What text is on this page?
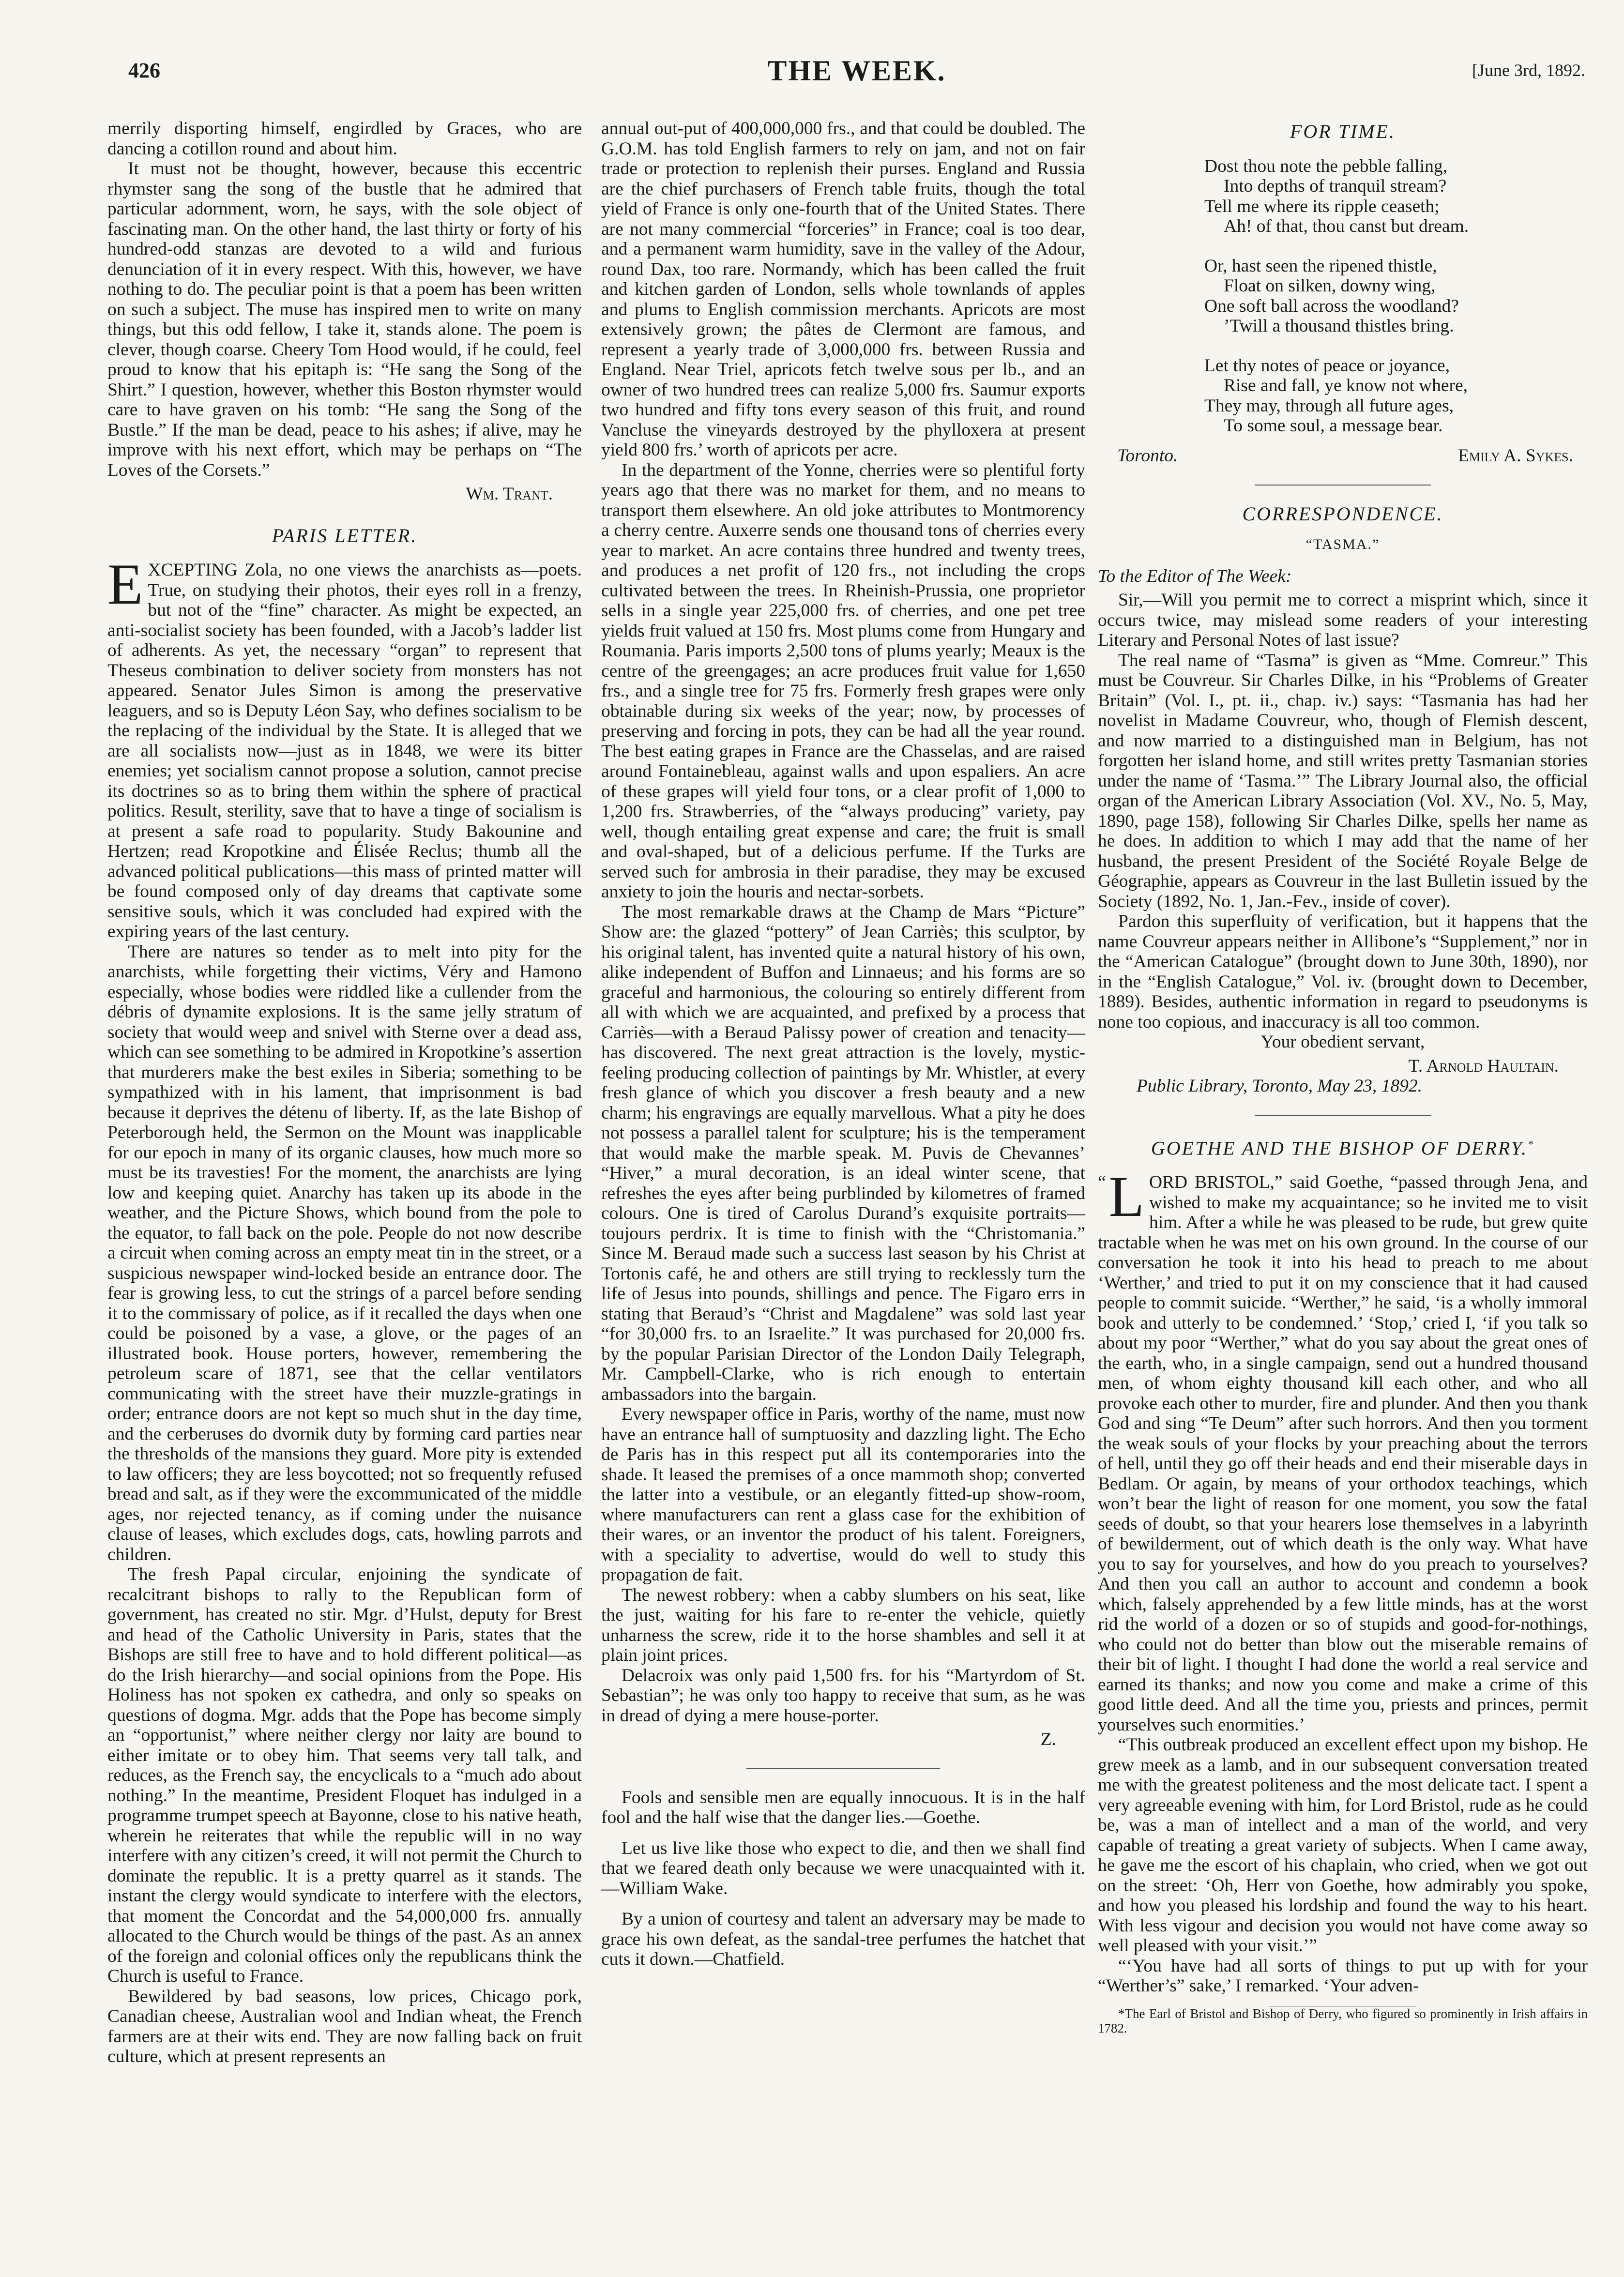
426	THE WEEK.	[June 3rd, 1892.

merrily disporting himself, engirdled by Graces, who are dancing a cotillon round and about him.

It must not be thought, however, because this eccentric rhymster sang the song of the bustle that he admired that particular adornment, worn, he says, with the sole object of fascinating man. On the other hand, the last thirty or forty of his hundred-odd stanzas are devoted to a wild and furious denunciation of it in every respect. With this, however, we have nothing to do. The peculiar point is that a poem has been written on such a subject. The muse has inspired men to write on many things, but this odd fellow, I take it, stands alone. The poem is clever, though coarse. Cheery Tom Hood would, if he could, feel proud to know that his epitaph is: “He sang the Song of the Shirt.” I question, however, whether this Boston rhymster would care to have graven on his tomb: “He sang the Song of the Bustle.” If the man be dead, peace to his ashes; if alive, may he improve with his next effort, which may be perhaps on “The Loves of the Corsets.”

Wm. Trant.
PARIS LETTER.

EXCEPTING Zola, no one views the anarchists as—poets. True, on studying their photos, their eyes roll in a frenzy, but not of the “fine” character. As might be expected, an anti-socialist society has been founded, with a Jacob’s ladder list of adherents. As yet, the necessary “organ” to represent that Theseus combination to deliver society from monsters has not appeared. Senator Jules Simon is among the preservative leaguers, and so is Deputy Léon Say, who defines socialism to be the replacing of the individual by the State. It is alleged that we are all socialists now—just as in 1848, we were its bitter enemies; yet socialism cannot propose a solution, cannot precise its doctrines so as to bring them within the sphere of practical politics. Result, sterility, save that to have a tinge of socialism is at present a safe road to popularity. Study Bakounine and Hertzen; read Kropotkine and Élisée Reclus; thumb all the advanced political publications—this mass of printed matter will be found composed only of day dreams that captivate some sensitive souls, which it was concluded had expired with the expiring years of the last century.

There are natures so tender as to melt into pity for the anarchists, while forgetting their victims, Véry and Hamono especially, whose bodies were riddled like a cullender from the débris of dynamite explosions. It is the same jelly stratum of society that would weep and snivel with Sterne over a dead ass, which can see something to be admired in Kropotkine’s assertion that murderers make the best exiles in Siberia; something to be sympathized with in his lament, that imprisonment is bad because it deprives the détenu of liberty. If, as the late Bishop of Peterborough held, the Sermon on the Mount was inapplicable for our epoch in many of its organic clauses, how much more so must be its travesties! For the moment, the anarchists are lying low and keeping quiet. Anarchy has taken up its abode in the weather, and the Picture Shows, which bound from the pole to the equator, to fall back on the pole. People do not now describe a circuit when coming across an empty meat tin in the street, or a suspicious newspaper wind-locked beside an entrance door. The fear is growing less, to cut the strings of a parcel before sending it to the commissary of police, as if it recalled the days when one could be poisoned by a vase, a glove, or the pages of an illustrated book. House porters, however, remembering the petroleum scare of 1871, see that the cellar ventilators communicating with the street have their muzzle-gratings in order; entrance doors are not kept so much shut in the day time, and the cerberuses do dvornik duty by forming card parties near the thresholds of the mansions they guard. More pity is extended to law officers; they are less boycotted; not so frequently refused bread and salt, as if they were the excommunicated of the middle ages, nor rejected tenancy, as if coming under the nuisance clause of leases, which excludes dogs, cats, howling parrots and children.

The fresh Papal circular, enjoining the syndicate of recalcitrant bishops to rally to the Republican form of government, has created no stir. Mgr. d’Hulst, deputy for Brest and head of the Catholic University in Paris, states that the Bishops are still free to have and to hold different political—as do the Irish hierarchy—and social opinions from the Pope. His Holiness has not spoken ex cathedra, and only so speaks on questions of dogma. Mgr. adds that the Pope has become simply an “opportunist,” where neither clergy nor laity are bound to either imitate or to obey him. That seems very tall talk, and reduces, as the French say, the encyclicals to a “much ado about nothing.” In the meantime, President Floquet has indulged in a programme trumpet speech at Bayonne, close to his native heath, wherein he reiterates that while the republic will in no way interfere with any citizen’s creed, it will not permit the Church to dominate the republic. It is a pretty quarrel as it stands. The instant the clergy would syndicate to interfere with the electors, that moment the Concordat and the 54,000,000 frs. annually allocated to the Church would be things of the past. As an annex of the foreign and colonial offices only the republicans think the Church is useful to France.

Bewildered by bad seasons, low prices, Chicago pork, Canadian cheese, Australian wool and Indian wheat, the French farmers are at their wits end. They are now falling back on fruit culture, which at present represents an

annual out-put of 400,000,000 frs., and that could be doubled. The G.O.M. has told English farmers to rely on jam, and not on fair trade or protection to replenish their purses. England and Russia are the chief purchasers of French table fruits, though the total yield of France is only one-fourth that of the United States. There are not many commercial “forceries” in France; coal is too dear, and a permanent warm humidity, save in the valley of the Adour, round Dax, too rare. Normandy, which has been called the fruit and kitchen garden of London, sells whole townlands of apples and plums to English commission merchants. Apricots are most extensively grown; the pâtes de Clermont are famous, and represent a yearly trade of 3,000,000 frs. between Russia and England. Near Triel, apricots fetch twelve sous per lb., and an owner of two hundred trees can realize 5,000 frs. Saumur exports two hundred and fifty tons every season of this fruit, and round Vancluse the vineyards destroyed by the phylloxera at present yield 800 frs.’ worth of apricots per acre.

In the department of the Yonne, cherries were so plentiful forty years ago that there was no market for them, and no means to transport them elsewhere. An old joke attributes to Montmorency a cherry centre. Auxerre sends one thousand tons of cherries every year to market. An acre contains three hundred and twenty trees, and produces a net profit of 120 frs., not including the crops cultivated between the trees. In Rheinish-Prussia, one proprietor sells in a single year 225,000 frs. of cherries, and one pet tree yields fruit valued at 150 frs. Most plums come from Hungary and Roumania. Paris imports 2,500 tons of plums yearly; Meaux is the centre of the greengages; an acre produces fruit value for 1,650 frs., and a single tree for 75 frs. Formerly fresh grapes were only obtainable during six weeks of the year; now, by processes of preserving and forcing in pots, they can be had all the year round. The best eating grapes in France are the Chasselas, and are raised around Fontainebleau, against walls and upon espaliers. An acre of these grapes will yield four tons, or a clear profit of 1,000 to 1,200 frs. Strawberries, of the “always producing” variety, pay well, though entailing great expense and care; the fruit is small and oval-shaped, but of a delicious perfume. If the Turks are served such for ambrosia in their paradise, they may be excused anxiety to join the houris and nectar-sorbets.

The most remarkable draws at the Champ de Mars “Picture” Show are: the glazed “pottery” of Jean Carriès; this sculptor, by his original talent, has invented quite a natural history of his own, alike independent of Buffon and Linnaeus; and his forms are so graceful and harmonious, the colouring so entirely different from all with which we are acquainted, and prefixed by a process that Carriès—with a Beraud Palissy power of creation and tenacity—has discovered. The next great attraction is the lovely, mystic-feeling producing collection of paintings by Mr. Whistler, at every fresh glance of which you discover a fresh beauty and a new charm; his engravings are equally marvellous. What a pity he does not possess a parallel talent for sculpture; his is the temperament that would make the marble speak. M. Puvis de Chevannes’ “Hiver,” a mural decoration, is an ideal winter scene, that refreshes the eyes after being purblinded by kilometres of framed colours. One is tired of Carolus Durand’s exquisite portraits—toujours perdrix. It is time to finish with the “Christomania.” Since M. Beraud made such a success last season by his Christ at Tortonis café, he and others are still trying to recklessly turn the life of Jesus into pounds, shillings and pence. The Figaro errs in stating that Beraud’s “Christ and Magdalene” was sold last year “for 30,000 frs. to an Israelite.” It was purchased for 20,000 frs. by the popular Parisian Director of the London Daily Telegraph, Mr. Campbell-Clarke, who is rich enough to entertain ambassadors into the bargain.

Every newspaper office in Paris, worthy of the name, must now have an entrance hall of sumptuosity and dazzling light. The Echo de Paris has in this respect put all its contemporaries into the shade. It leased the premises of a once mammoth shop; converted the latter into a vestibule, or an elegantly fitted-up show-room, where manufacturers can rent a glass case for the exhibition of their wares, or an inventor the product of his talent. Foreigners, with a speciality to advertise, would do well to study this propagation de fait.

The newest robbery: when a cabby slumbers on his seat, like the just, waiting for his fare to re-enter the vehicle, quietly unharness the screw, ride it to the horse shambles and sell it at plain joint prices.

Delacroix was only paid 1,500 frs. for his “Martyrdom of St. Sebastian”; he was only too happy to receive that sum, as he was in dread of dying a mere house-porter.

Z.

Fools and sensible men are equally innocuous. It is in the half fool and the half wise that the danger lies.—Goethe.

Let us live like those who expect to die, and then we shall find that we feared death only because we were unacquainted with it.—William Wake.

By a union of courtesy and talent an adversary may be made to grace his own defeat, as the sandal-tree perfumes the hatchet that cuts it down.—Chatfield.

FOR TIME.
Dost thou note the pebble falling,
Into depths of tranquil stream?
Tell me where its ripple ceaseth;
Ah! of that, thou canst but dream.
Or, hast seen the ripened thistle,
Float on silken, downy wing,
One soft ball across the woodland?
’Twill a thousand thistles bring.
Let thy notes of peace or joyance,
Rise and fall, ye know not where,
They may, through all future ages,
To some soul, a message bear.
Toronto.	Emily A. Sykes.
CORRESPONDENCE.
“TASMA.”
To the Editor of The Week:

Sir,—Will you permit me to correct a misprint which, since it occurs twice, may mislead some readers of your interesting Literary and Personal Notes of last issue?

The real name of “Tasma” is given as “Mme. Comreur.” This must be Couvreur. Sir Charles Dilke, in his “Problems of Greater Britain” (Vol. I., pt. ii., chap. iv.) says: “Tasmania has had her novelist in Madame Couvreur, who, though of Flemish descent, and now married to a distinguished man in Belgium, has not forgotten her island home, and still writes pretty Tasmanian stories under the name of ‘Tasma.’” The Library Journal also, the official organ of the American Library Association (Vol. XV., No. 5, May, 1890, page 158), following Sir Charles Dilke, spells her name as he does. In addition to which I may add that the name of her husband, the present President of the Société Royale Belge de Géographie, appears as Couvreur in the last Bulletin issued by the Society (1892, No. 1, Jan.-Fev., inside of cover).

Pardon this superfluity of verification, but it happens that the name Couvreur appears neither in Allibone’s “Supplement,” nor in the “American Catalogue” (brought down to June 30th, 1890), nor in the “English Catalogue,” Vol. iv. (brought down to December, 1889). Besides, authentic information in regard to pseudonyms is none too copious, and inaccuracy is all too common.

Your obedient servant,
T. Arnold Haultain.
Public Library, Toronto, May 23, 1892.
GOETHE AND THE BISHOP OF DERRY.*

“ L ORD BRISTOL,” said Goethe, “passed through Jena, and wished to make my acquaintance; so he invited me to visit him. After a while he was pleased to be rude, but grew quite tractable when he was met on his own ground. In the course of our conversation he took it into his head to preach to me about ‘Werther,’ and tried to put it on my conscience that it had caused people to commit suicide. “Werther,” he said, ‘is a wholly immoral book and utterly to be condemned.’ ‘Stop,’ cried I, ‘if you talk so about my poor “Werther,” what do you say about the great ones of the earth, who, in a single campaign, send out a hundred thousand men, of whom eighty thousand kill each other, and who all provoke each other to murder, fire and plunder. And then you thank God and sing “Te Deum” after such horrors. And then you torment the weak souls of your flocks by your preaching about the terrors of hell, until they go off their heads and end their miserable days in Bedlam. Or again, by means of your orthodox teachings, which won’t bear the light of reason for one moment, you sow the fatal seeds of doubt, so that your hearers lose themselves in a labyrinth of bewilderment, out of which death is the only way. What have you to say for yourselves, and how do you preach to yourselves? And then you call an author to account and condemn a book which, falsely apprehended by a few little minds, has at the worst rid the world of a dozen or so of stupids and good-for-nothings, who could not do better than blow out the miserable remains of their bit of light. I thought I had done the world a real service and earned its thanks; and now you come and make a crime of this good little deed. And all the time you, priests and princes, permit yourselves such enormities.’

“This outbreak produced an excellent effect upon my bishop. He grew meek as a lamb, and in our subsequent conversation treated me with the greatest politeness and the most delicate tact. I spent a very agreeable evening with him, for Lord Bristol, rude as he could be, was a man of intellect and a man of the world, and very capable of treating a great variety of subjects. When I came away, he gave me the escort of his chaplain, who cried, when we got out on the street: ‘Oh, Herr von Goethe, how admirably you spoke, and how you pleased his lordship and found the way to his heart. With less vigour and decision you would not have come away so well pleased with your visit.’”

“‘You have had all sorts of things to put up with for your “Werther’s” sake,’ I remarked. ‘Your adven-

*The Earl of Bristol and Bishop of Derry, who figured so prominently in Irish affairs in 1782.
